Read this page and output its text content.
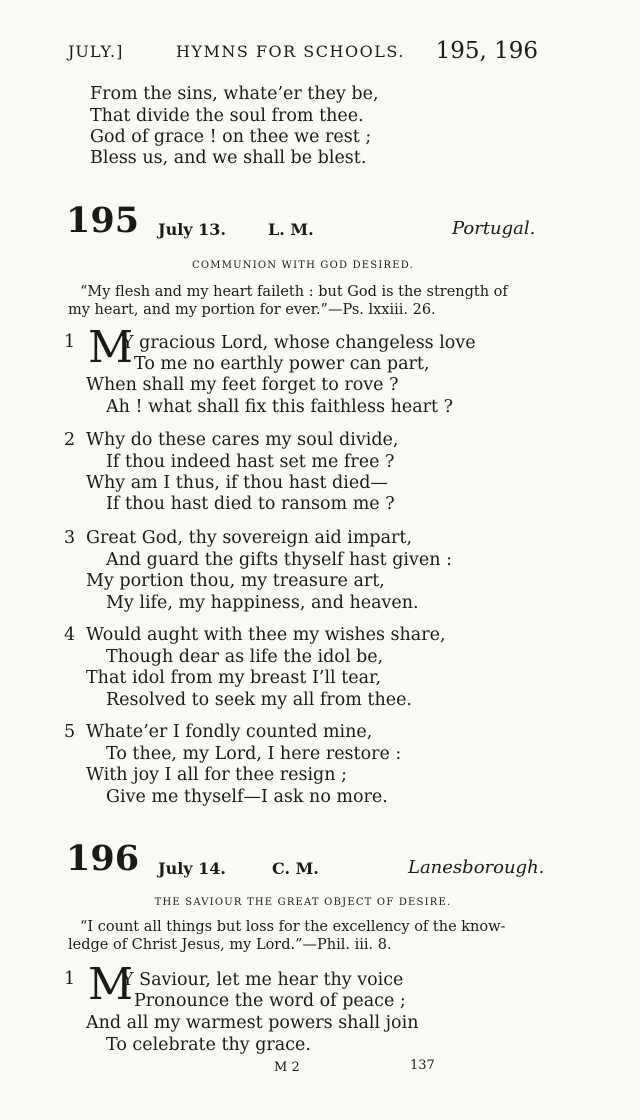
JULY.]	HYMNS FOR SCHOOLS. 195, 196
From the sins, whate’er they be,
That divide the soul from thee.
God of grace ! on thee we rest ;
Bless us, and we shall be blest.
195 July 13.	L. M.	Portugal.
COMMUNION WITH GOD DESIRED.
“My flesh and my heart faileth : but God is the strength of
my heart, and my portion for ever.”—Ps. lxxiii. 26.
1 M
Y gracious Lord, whose changeless love
To me no earthly power can part,
When shall my feet forget to rove ?
Ah ! what shall fix this faithless heart ?
2 Why do these cares my soul divide,
If thou indeed hast set me free ?
Why am I thus, if thou hast died—
If thou hast died to ransom me ?
3 Great God, thy sovereign aid impart,
And guard the gifts thyself hast given :
My portion thou, my treasure art,
My life, my happiness, and heaven.
4 Would aught with thee my wishes share,
Though dear as life the idol be,
That idol from my breast I’ll tear,
Resolved to seek my all from thee.
5 Whate’er I fondly counted mine,
To thee, my Lord, I here restore :
With joy I all for thee resign ;
Give me thyself—I ask no more.
196 July 14.	C. M.	Lanesborough.
THE SAVIOUR THE GREAT OBJECT OF DESIRE.
“I count all things but loss for the excellency of the know-
ledge of Christ Jesus, my Lord.”—Phil. iii. 8.
1 M
Y Saviour, let me hear thy voice
Pronounce the word of peace ;
And all my warmest powers shall join
To celebrate thy grace.
M 2	137
